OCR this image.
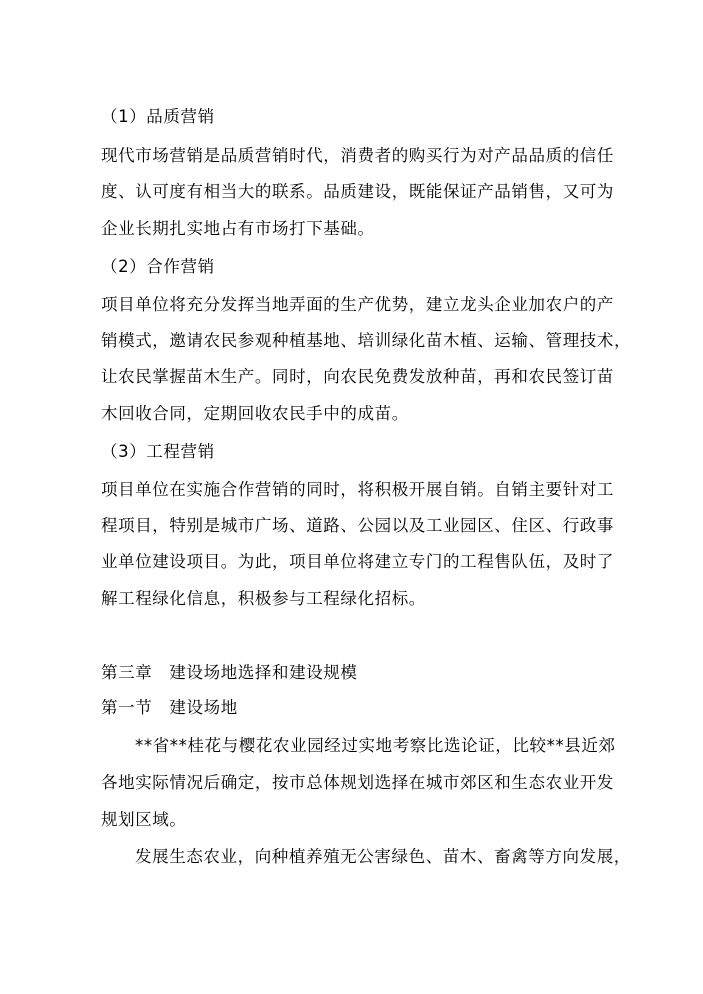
（1）品质营销
现代市场营销是品质营销时代，消费者的购买行为对产品品质的信任
度、认可度有相当大的联系。品质建设，既能保证产品销售，又可为
企业长期扎实地占有市场打下基础。
（2）合作营销
项目单位将充分发挥当地弄面的生产优势，建立龙头企业加农户的产
销模式，邀请农民参观种植基地、培训绿化苗木植、运输、管理技术，
让农民掌握苗木生产。同时，向农民免费发放种苗，再和农民签订苗
木回收合同，定期回收农民手中的成苗。
（3）工程营销
项目单位在实施合作营销的同时，将积极开展自销。自销主要针对工
程项目，特别是城市广场、道路、公园以及工业园区、住区、行政事
业单位建设项目。为此，项目单位将建立专门的工程售队伍，及时了
解工程绿化信息，积极参与工程绿化招标。
第三章　建设场地选择和建设规模
第一节　建设场地
**省**桂花与樱花农业园经过实地考察比选论证，比较**县近郊
各地实际情况后确定，按市总体规划选择在城市郊区和生态农业开发
规划区域。
发展生态农业，向种植养殖无公害绿色、苗木、畜禽等方向发展，
